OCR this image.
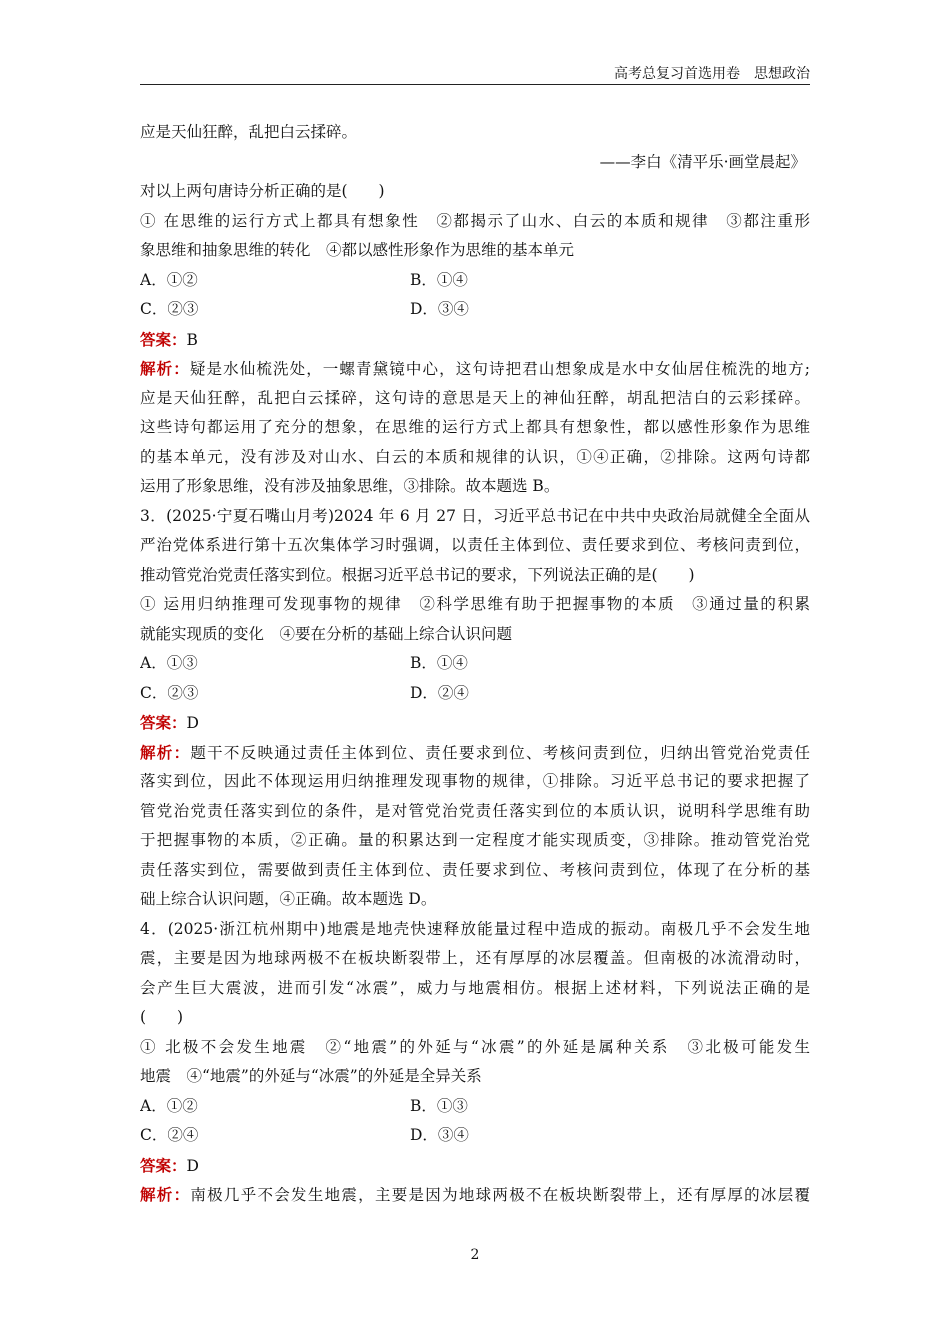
高考总复习首选用卷　思想政治
应是天仙狂醉，乱把白云揉碎。
——李白《清平乐·画堂晨起》
对以上两句唐诗分析正确的是(　　)
① 在思维的运行方式上都具有想象性　②都揭示了山水、白云的本质和规律　③都注重形
象思维和抽象思维的转化　④都以感性形象作为思维的基本单元
A．①②	B．①④
C．②③	D．③④
答案：B
解析：疑是水仙梳洗处，一螺青黛镜中心，这句诗把君山想象成是水中女仙居住梳洗的地方;
应是天仙狂醉，乱把白云揉碎，这句诗的意思是天上的神仙狂醉，胡乱把洁白的云彩揉碎。
这些诗句都运用了充分的想象，在思维的运行方式上都具有想象性，都以感性形象作为思维
的基本单元，没有涉及对山水、白云的本质和规律的认识，①④正确，②排除。这两句诗都
运用了形象思维，没有涉及抽象思维，③排除。故本题选 B。
3．(2025·宁夏石嘴山月考)2024 年 6 月 27 日，习近平总书记在中共中央政治局就健全全面从
严治党体系进行第十五次集体学习时强调，以责任主体到位、责任要求到位、考核问责到位，
推动管党治党责任落实到位。根据习近平总书记的要求，下列说法正确的是(　　)
① 运用归纳推理可发现事物的规律　②科学思维有助于把握事物的本质　③通过量的积累
就能实现质的变化　④要在分析的基础上综合认识问题
A．①③	B．①④
C．②③	D．②④
答案：D
解析：题干不反映通过责任主体到位、责任要求到位、考核问责到位，归纳出管党治党责任
落实到位，因此不体现运用归纳推理发现事物的规律，①排除。习近平总书记的要求把握了
管党治党责任落实到位的条件，是对管党治党责任落实到位的本质认识，说明科学思维有助
于把握事物的本质，②正确。量的积累达到一定程度才能实现质变，③排除。推动管党治党
责任落实到位，需要做到责任主体到位、责任要求到位、考核问责到位，体现了在分析的基
础上综合认识问题，④正确。故本题选 D。
4．(2025·浙江杭州期中)地震是地壳快速释放能量过程中造成的振动。南极几乎不会发生地
震，主要是因为地球两极不在板块断裂带上，还有厚厚的冰层覆盖。但南极的冰流滑动时，
会产生巨大震波，进而引发“冰震”，威力与地震相仿。根据上述材料，下列说法正确的是
(　　)
① 北极不会发生地震　②“地震”的外延与“冰震”的外延是属种关系　③北极可能发生
地震　④“地震”的外延与“冰震”的外延是全异关系
A．①②	B．①③
C．②④	D．③④
答案：D
解析：南极几乎不会发生地震，主要是因为地球两极不在板块断裂带上，还有厚厚的冰层覆
2
